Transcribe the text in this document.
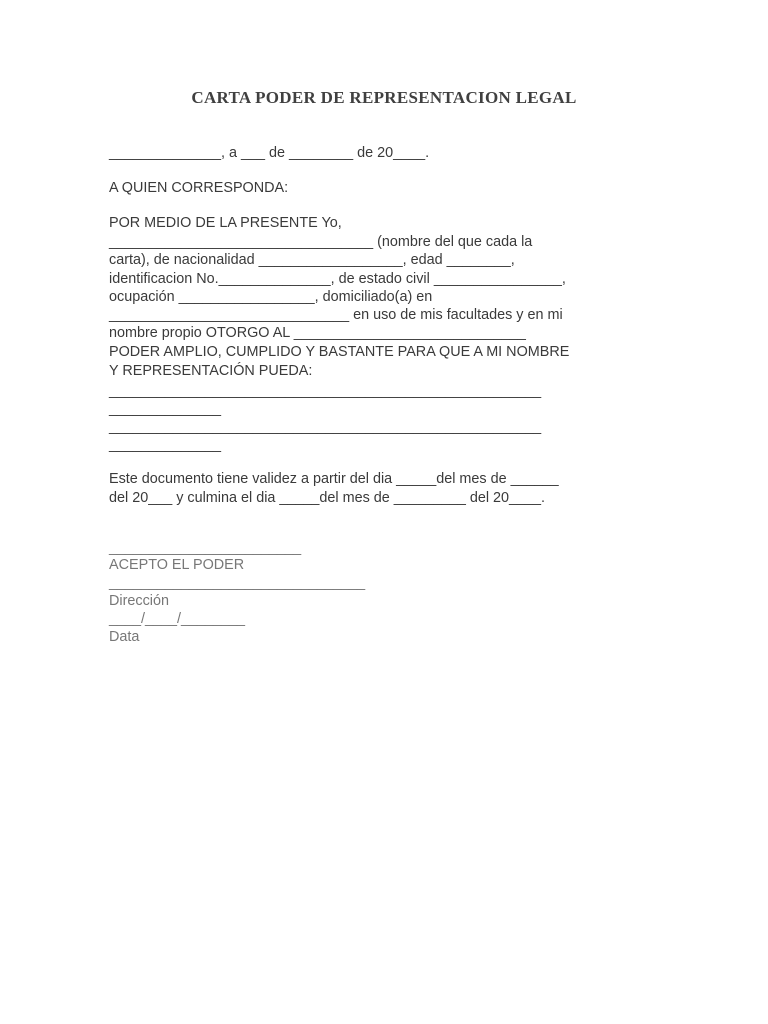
CARTA PODER DE REPRESENTACION LEGAL
______________, a ___ de ________ de 20____.
A QUIEN CORRESPONDA:
POR MEDIO DE LA PRESENTE Yo,
_________________________________ (nombre del que cada la
carta), de nacionalidad __________________, edad ________,
identificacion No.______________, de estado civil ________________,
ocupación _________________, domiciliado(a) en
______________________________ en uso de mis facultades y en mi
nombre propio OTORGO AL _____________________________
PODER AMPLIO, CUMPLIDO Y BASTANTE PARA QUE A MI NOMBRE
Y REPRESENTACIÓN PUEDA:
______________________________________________________
______________
______________________________________________________
______________
Este documento tiene validez a partir del dia _____del mes de ______
del 20___ y culmina el dia _____del mes de _________ del 20____.
________________________
ACEPTO EL PODER
________________________________
Dirección
____/____/________
Data
